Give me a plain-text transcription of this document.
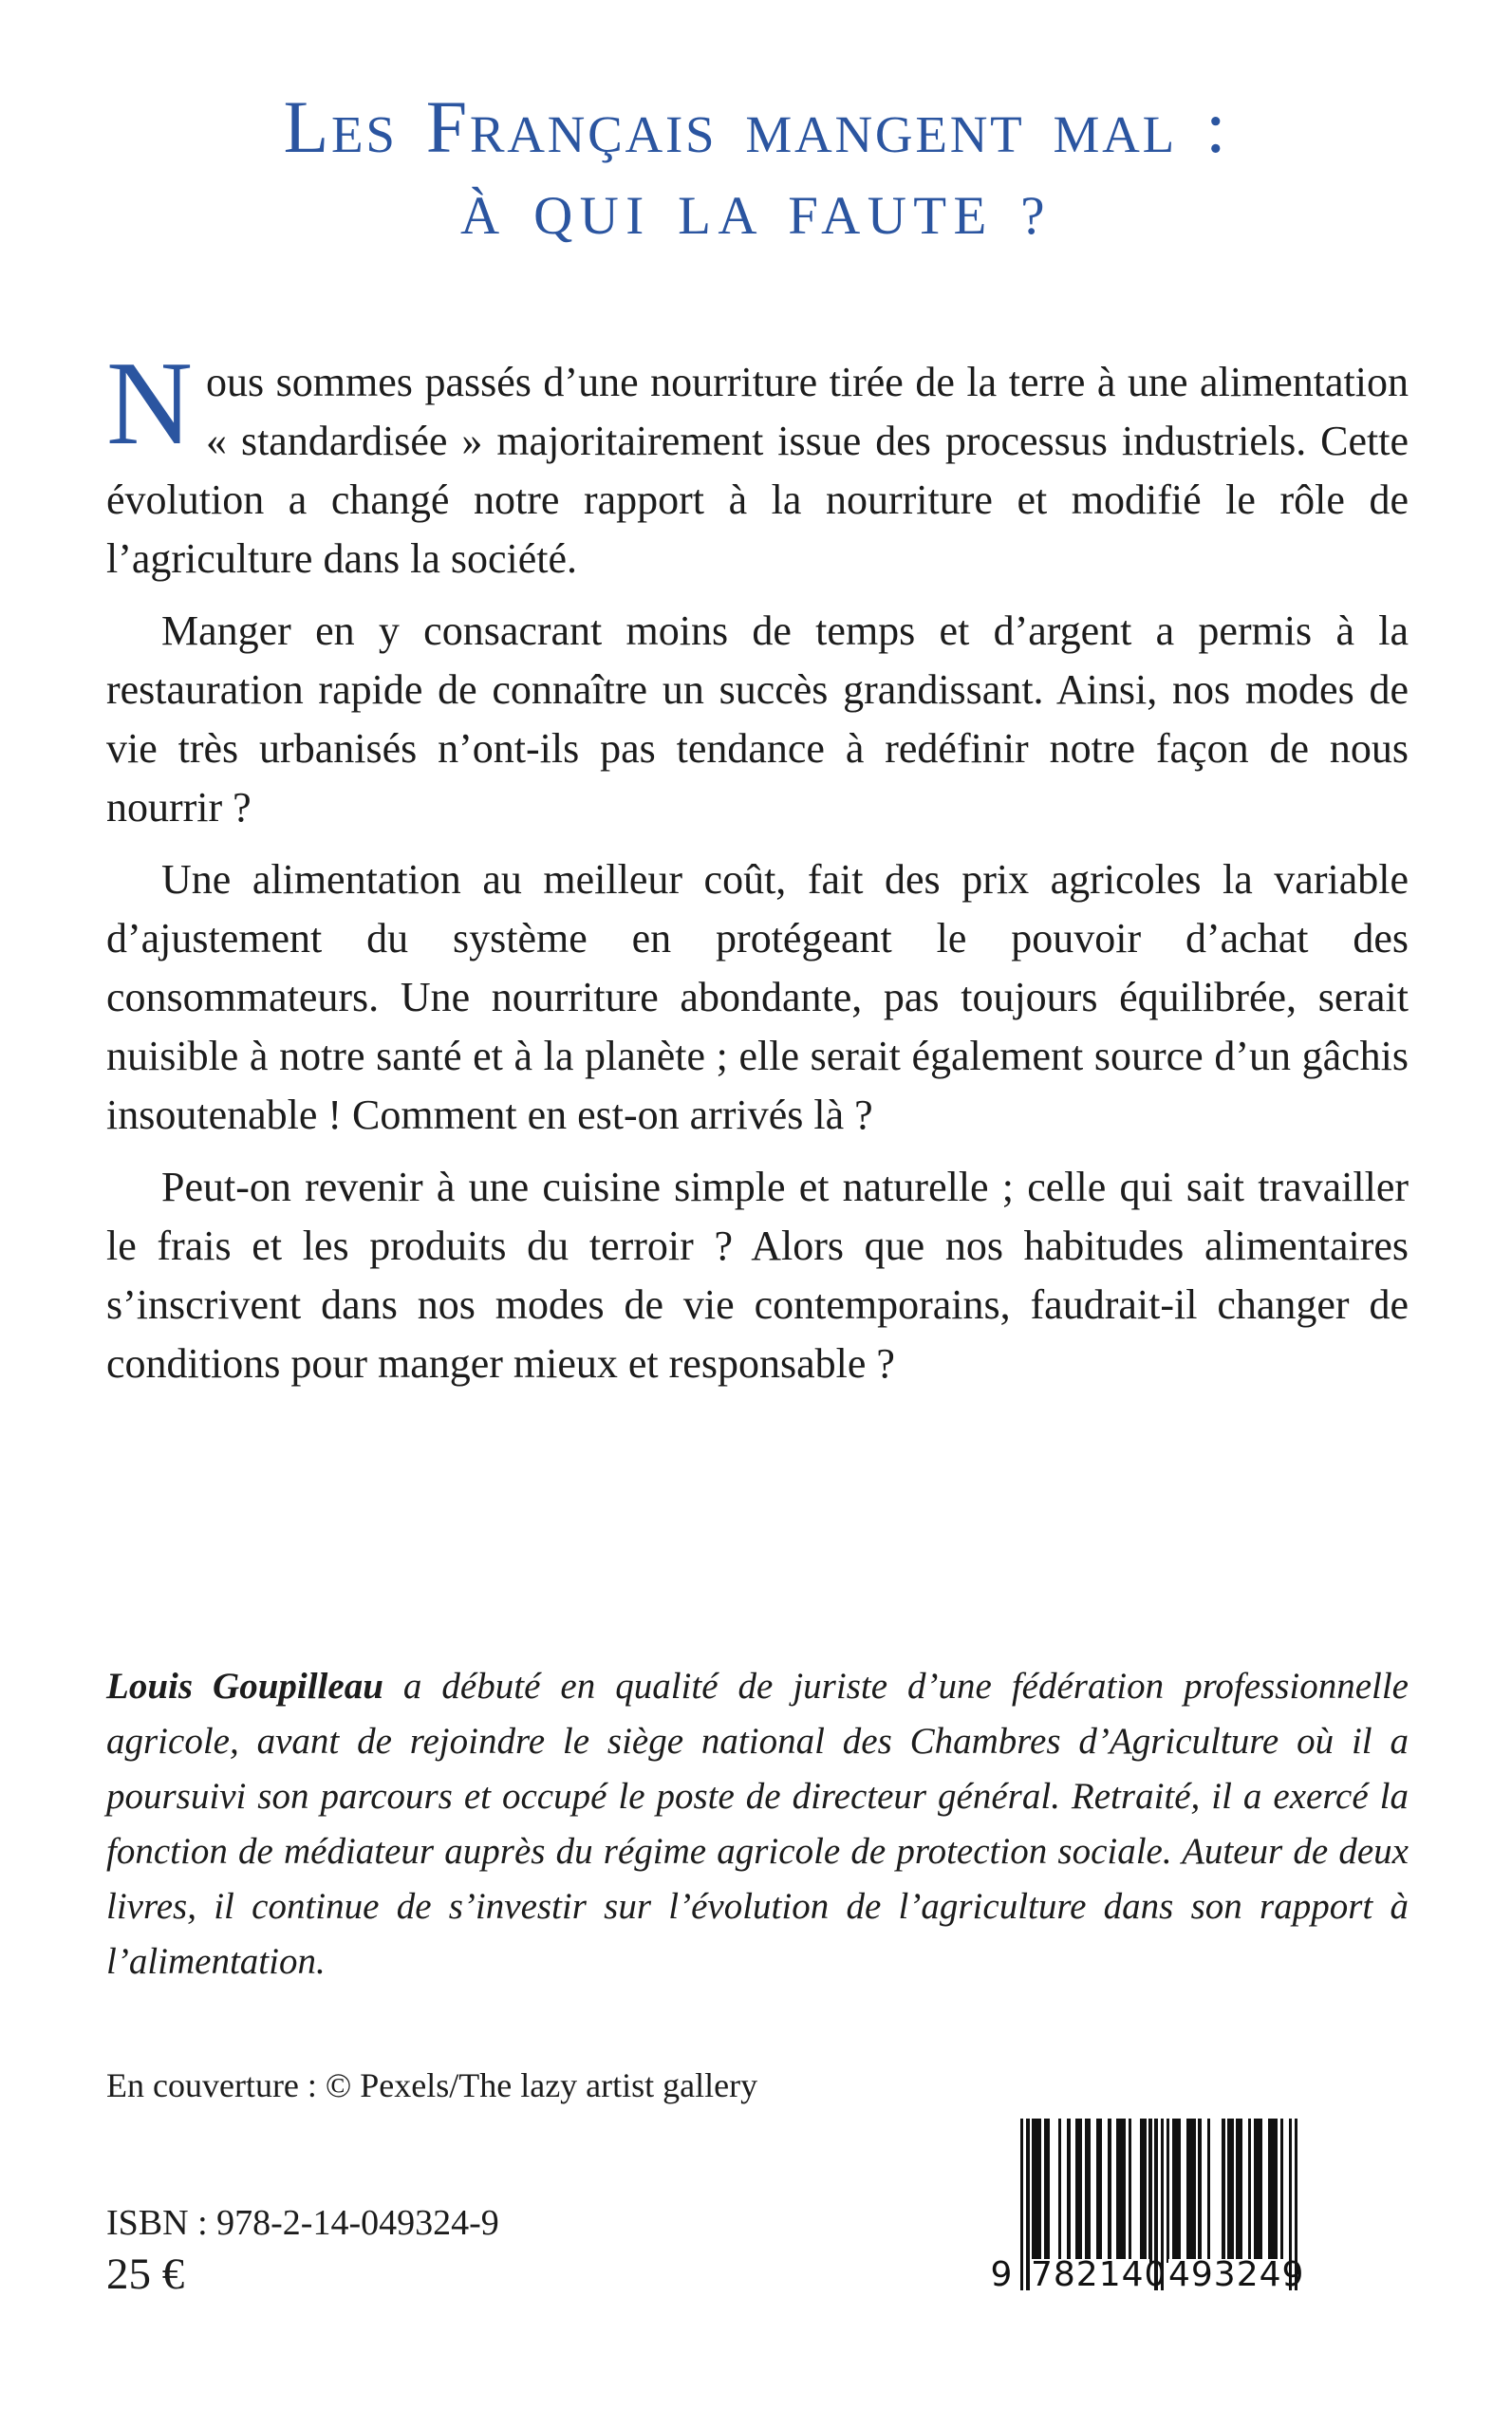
Les Français mangent mal :
À QUI LA FAUTE ?

Nous sommes passés d’une nourriture tirée de la terre à une alimentation « standardisée » majoritairement issue des processus industriels. Cette évolution a changé notre rapport à la nourriture et modifié le rôle de l’agriculture dans la société.

Manger en y consacrant moins de temps et d’argent a permis à la restauration rapide de connaître un succès grandissant. Ainsi, nos modes de vie très urbanisés n’ont-ils pas tendance à redéfinir notre façon de nous nourrir ?

Une alimentation au meilleur coût, fait des prix agricoles la variable d’ajustement du système en protégeant le pouvoir d’achat des consommateurs. Une nourriture abondante, pas toujours équilibrée, serait nuisible à notre santé et à la planète ; elle serait également source d’un gâchis insoutenable ! Comment en est-on arrivés là ?

Peut-on revenir à une cuisine simple et naturelle ; celle qui sait travailler le frais et les produits du terroir ? Alors que nos habitudes alimentaires s’inscrivent dans nos modes de vie contemporains, faudrait-il changer de conditions pour manger mieux et responsable ?

Louis Goupilleau a débuté en qualité de juriste d’une fédération professionnelle agricole, avant de rejoindre le siège national des Chambres d’Agriculture où il a poursuivi son parcours et occupé le poste de directeur général. Retraité, il a exercé la fonction de médiateur auprès du régime agricole de protection sociale. Auteur de deux livres, il continue de s’investir sur l’évolution de l’agriculture dans son rapport à l’alimentation.
En couverture : © Pexels/The lazy artist gallery
ISBN : 978-2-14-049324-9
25 €	9 782140 493249
